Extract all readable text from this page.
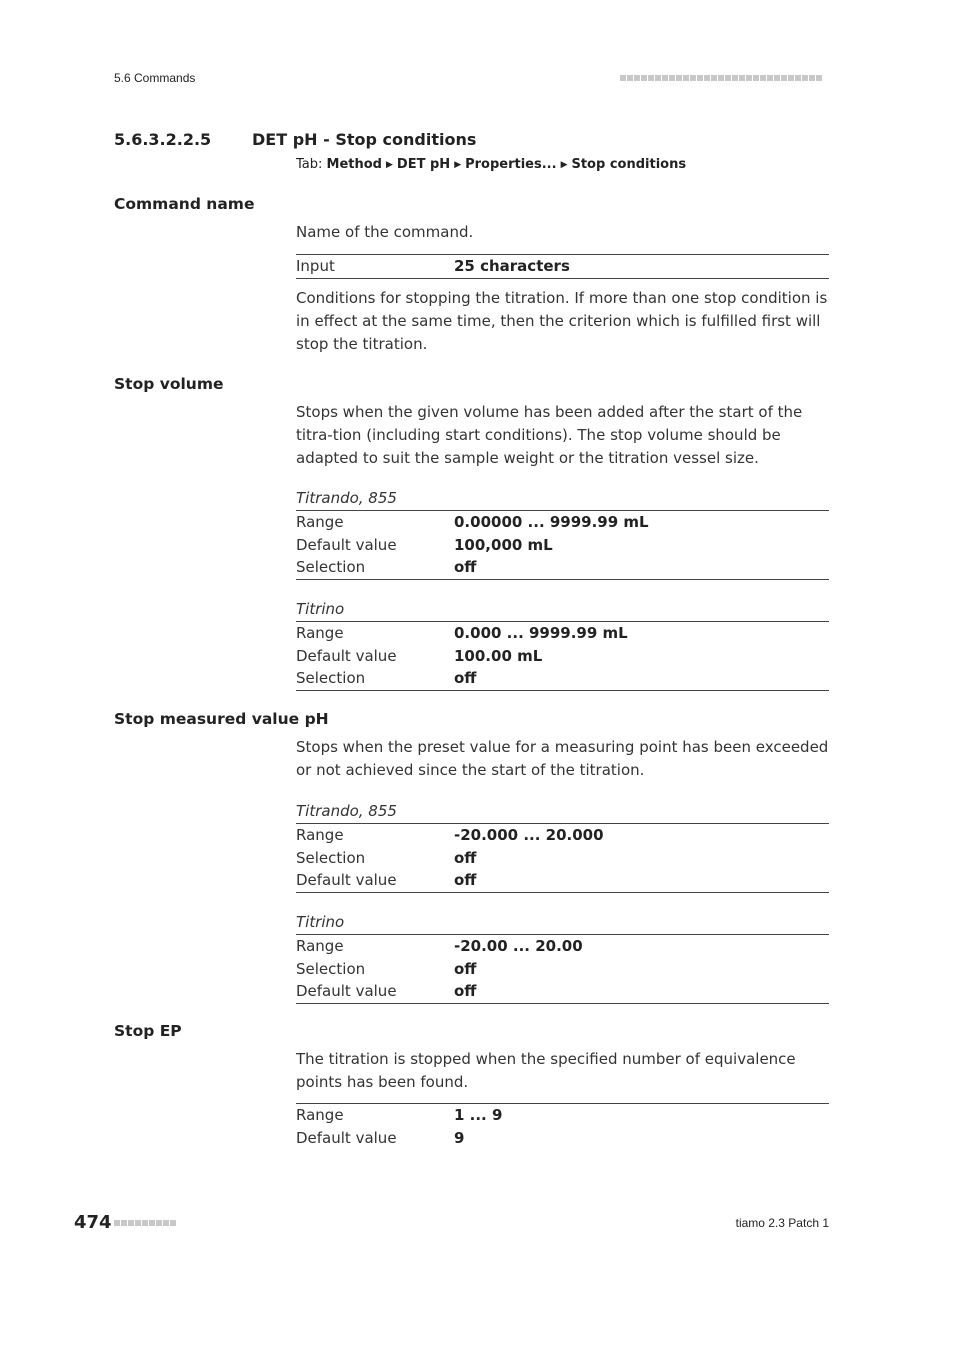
5.6 Commands
5.6.3.2.2.5	DET pH - Stop conditions
Tab: Method ▶ DET pH ▶ Properties... ▶ Stop conditions
Command name
Name of the command.
Input	25 characters
Conditions for stopping the titration. If more than one stop condition is in effect at the same time, then the criterion which is fulfilled first will stop the titration.
Stop volume
Stops when the given volume has been added after the start of the titra-tion (including start conditions). The stop volume should be adapted to suit the sample weight or the titration vessel size.
Titrando, 855
Range	0.00000 ... 9999.99 mL
Default value	100,000 mL
Selection	off
Titrino
Range	0.000 ... 9999.99 mL
Default value	100.00 mL
Selection	off
Stop measured value pH
Stops when the preset value for a measuring point has been exceeded or not achieved since the start of the titration.
Titrando, 855
Range	-20.000 ... 20.000
Selection	off
Default value	off
Titrino
Range	-20.00 ... 20.00
Selection	off
Default value	off
Stop EP
The titration is stopped when the specified number of equivalence points has been found.
Range	1 ... 9
Default value	9
474	tiamo 2.3 Patch 1
